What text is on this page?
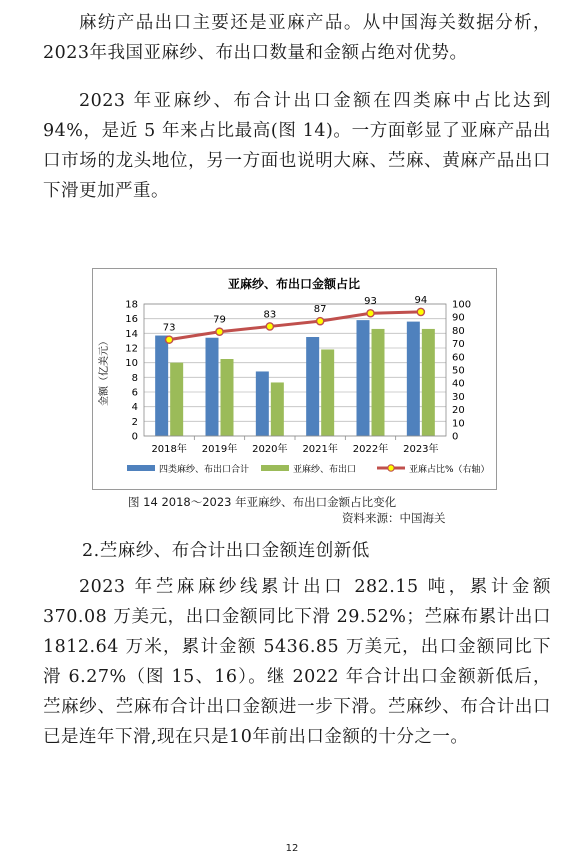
麻纺产品出口主要还是亚麻产品。从中国海关数据分析，2023年我国亚麻纱、布出口数量和金额占绝对优势。

2023 年亚麻纱、布合计出口金额在四类麻中占比达到94%，是近 5 年来占比最高(图 14)。一方面彰显了亚麻产品出口市场的龙头地位，另一方面也说明大麻、苎麻、黄麻产品出口下滑更加严重。

亚麻纱、布出口金额占比
金额（亿美元）
0
2
4
6
8
10
12
14
16
18
0
10
20
30
40
50
60
70
80
90
100
2018年 2019年 2020年 2021年 2022年 2023年
73
79	83	87
93	94
四类麻纱、布出口合计	亚麻纱、布出口	亚麻占比%（右轴）

图 14 2018～2023 年亚麻纱、布出口金额占比变化

资料来源：中国海关

2.苎麻纱、布合计出口金额连创新低

2023 年苎麻麻纱线累计出口 282.15 吨，累计金额 370.08 万美元，出口金额同比下滑 29.52%；苎麻布累计出口 1812.64 万米，累计金额 5436.85 万美元，出口金额同比下滑 6.27%（图 15、16）。继 2022 年合计出口金额新低后，苎麻纱、苎麻布合计出口金额进一步下滑。苎麻纱、布合计出口已是连年下滑,现在只是10年前出口金额的十分之一。

12
